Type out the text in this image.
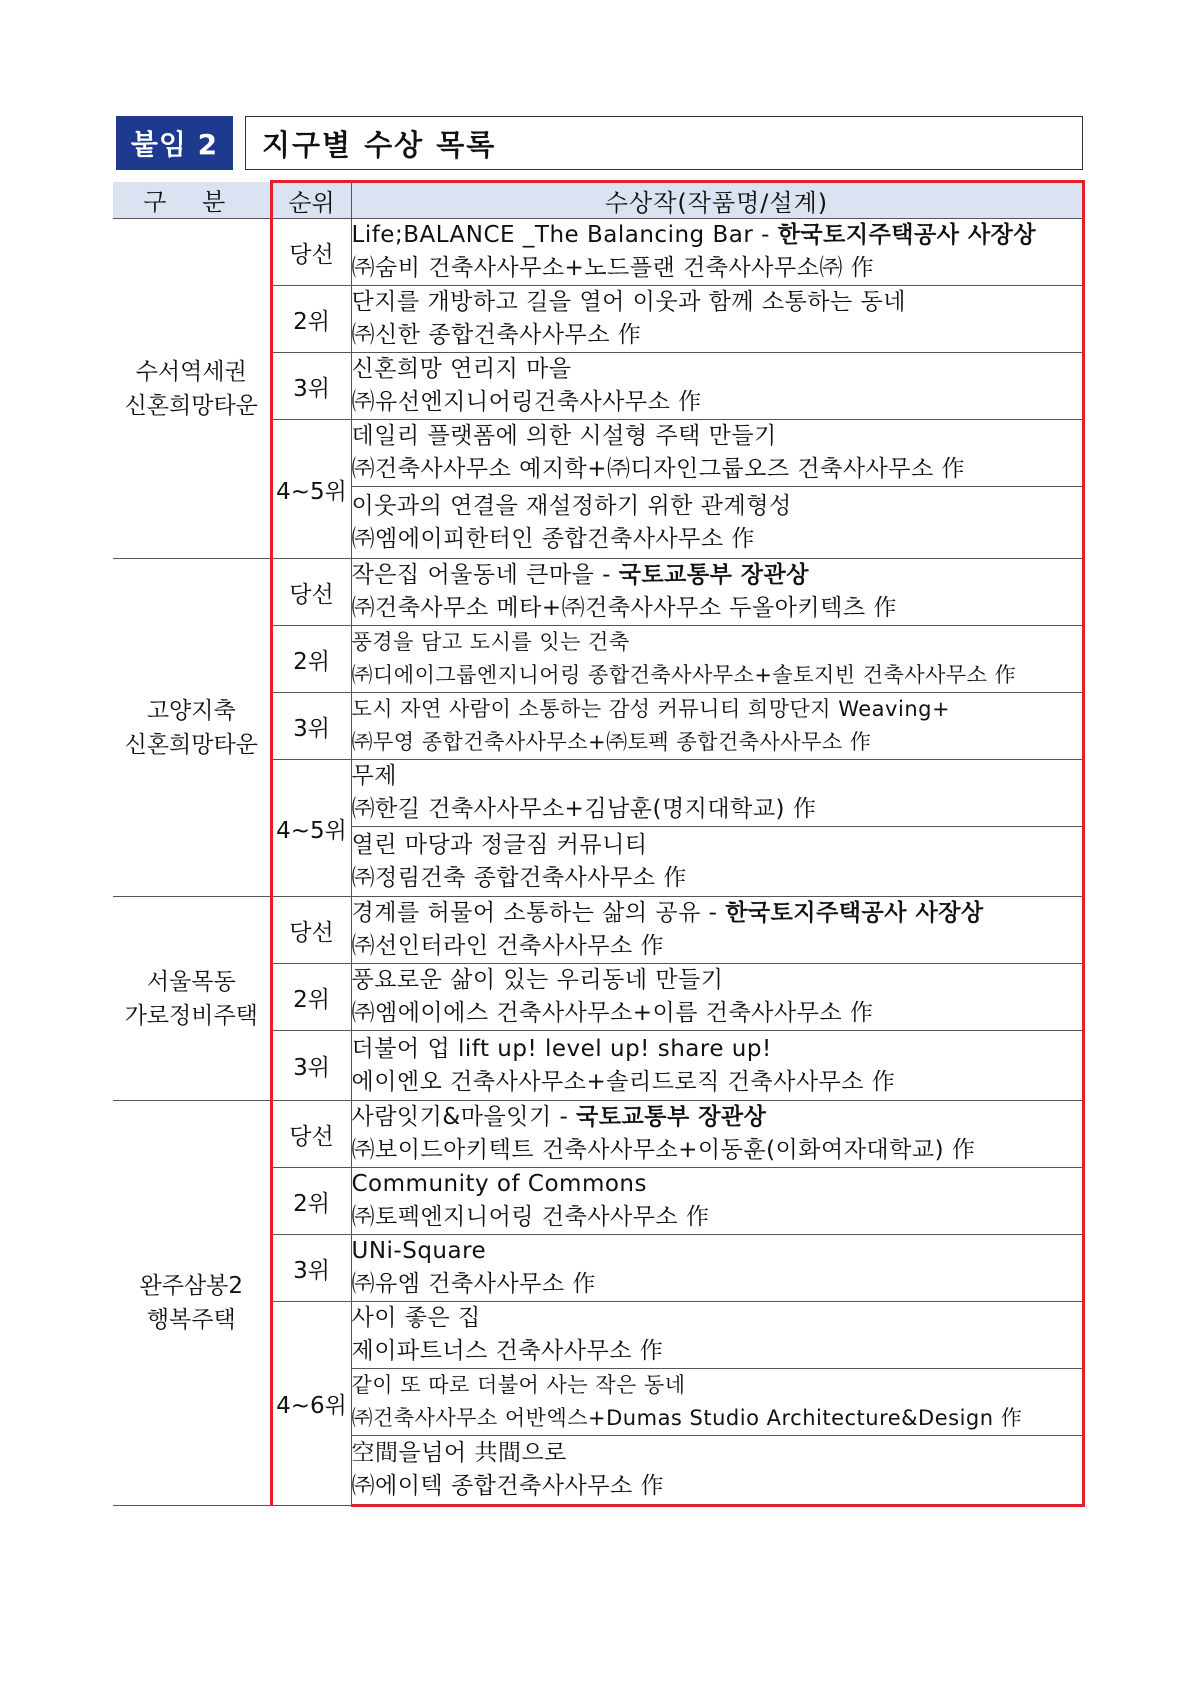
붙임 2	지구별 수상 목록
구 분	순위	수상작(작품명/설계)
수서역세권
신혼희망타운	당선	Life;BALANCE _The Balancing Bar - 한국토지주택공사 사장상
㈜숨비 건축사사무소+노드플랜 건축사사무소㈜ 作

	2위	단지를 개방하고 길을 열어 이웃과 함께 소통하는 동네
㈜신한 종합건축사사무소 作

	3위	신혼희망 연리지 마을
㈜유선엔지니어링건축사사무소 作

	4~5위	데일리 플랫폼에 의한 시설형 주택 만들기
㈜건축사사무소 예지학+㈜디자인그룹오즈 건축사사무소 作

		이웃과의 연결을 재설정하기 위한 관계형성
㈜엠에이피한터인 종합건축사사무소 作

고양지축
신혼희망타운	당선	작은집 어울동네 큰마을 - 국토교통부 장관상
㈜건축사무소 메타+㈜건축사사무소 두올아키텍츠 作

	2위	풍경을 담고 도시를 잇는 건축
㈜디에이그룹엔지니어링 종합건축사사무소+솔토지빈 건축사사무소 作

	3위	도시 자연 사람이 소통하는 감성 커뮤니티 희망단지 Weaving+
㈜무영 종합건축사사무소+㈜토펙 종합건축사사무소 作

	4~5위	무제
㈜한길 건축사사무소+김남훈(명지대학교) 作

		열린 마당과 정글짐 커뮤니티
㈜정림건축 종합건축사사무소 作

서울목동
가로정비주택	당선	경계를 허물어 소통하는 삶의 공유 - 한국토지주택공사 사장상
㈜선인터라인 건축사사무소 作

	2위	풍요로운 삶이 있는 우리동네 만들기
㈜엠에이에스 건축사사무소+이름 건축사사무소 作

	3위	더불어 업 lift up! level up! share up!
에이엔오 건축사사무소+솔리드로직 건축사사무소 作

완주삼봉2
행복주택	당선	사람잇기&마을잇기 - 국토교통부 장관상
㈜보이드아키텍트 건축사사무소+이동훈(이화여자대학교) 作

	2위	Community of Commons
㈜토펙엔지니어링 건축사사무소 作

	3위	UNi-Square
㈜유엠 건축사사무소 作

	4~6위	사이 좋은 집
제이파트너스 건축사사무소 作

		같이 또 따로 더불어 사는 작은 동네
㈜건축사사무소 어반엑스+Dumas Studio Architecture&Design 作

		空間을넘어 共間으로
㈜에이텍 종합건축사사무소 作
